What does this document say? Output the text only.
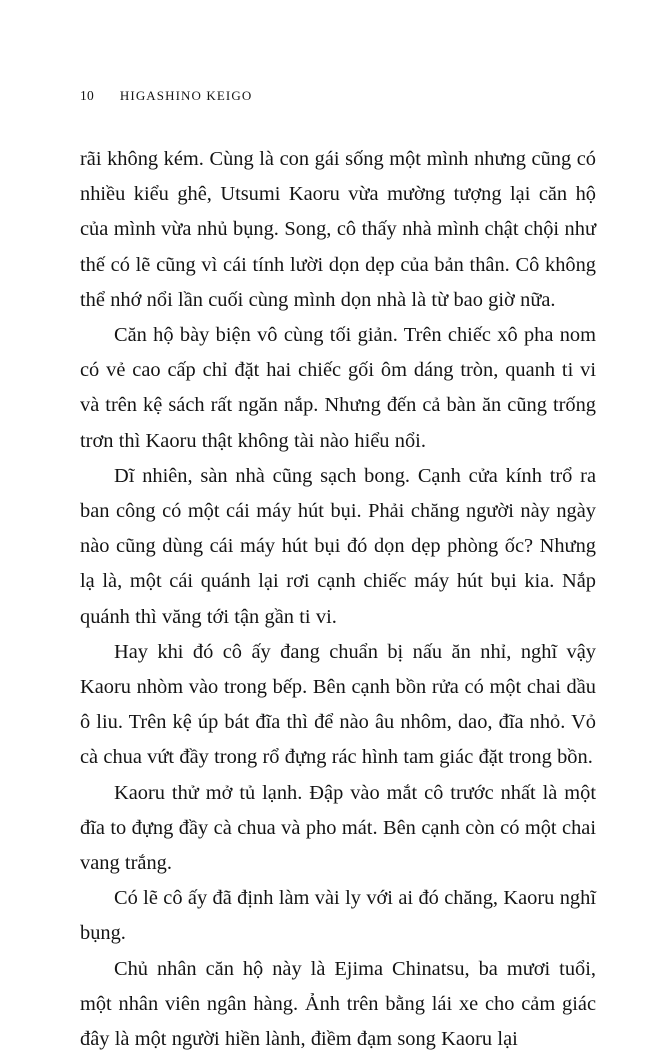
10 HIGASHINO KEIGO

rãi không kém. Cùng là con gái sống một mình nhưng cũng có nhiều kiểu ghê, Utsumi Kaoru vừa mường tượng lại căn hộ của mình vừa nhủ bụng. Song, cô thấy nhà mình chật chội như thế có lẽ cũng vì cái tính lười dọn dẹp của bản thân. Cô không thể nhớ nổi lần cuối cùng mình dọn nhà là từ bao giờ nữa.

Căn hộ bày biện vô cùng tối giản. Trên chiếc xô pha nom có vẻ cao cấp chỉ đặt hai chiếc gối ôm dáng tròn, quanh ti vi và trên kệ sách rất ngăn nắp. Nhưng đến cả bàn ăn cũng trống trơn thì Kaoru thật không tài nào hiểu nổi.

Dĩ nhiên, sàn nhà cũng sạch bong. Cạnh cửa kính trổ ra ban công có một cái máy hút bụi. Phải chăng người này ngày nào cũng dùng cái máy hút bụi đó dọn dẹp phòng ốc? Nhưng lạ là, một cái quánh lại rơi cạnh chiếc máy hút bụi kia. Nắp quánh thì văng tới tận gần ti vi.

Hay khi đó cô ấy đang chuẩn bị nấu ăn nhỉ, nghĩ vậy Kaoru nhòm vào trong bếp. Bên cạnh bồn rửa có một chai dầu ô liu. Trên kệ úp bát đĩa thì để nào âu nhôm, dao, đĩa nhỏ. Vỏ cà chua vứt đầy trong rổ đựng rác hình tam giác đặt trong bồn.

Kaoru thử mở tủ lạnh. Đập vào mắt cô trước nhất là một đĩa to đựng đầy cà chua và pho mát. Bên cạnh còn có một chai vang trắng.

Có lẽ cô ấy đã định làm vài ly với ai đó chăng, Kaoru nghĩ bụng.

Chủ nhân căn hộ này là Ejima Chinatsu, ba mươi tuổi, một nhân viên ngân hàng. Ảnh trên bằng lái xe cho cảm giác đây là một người hiền lành, điềm đạm song Kaoru lại
